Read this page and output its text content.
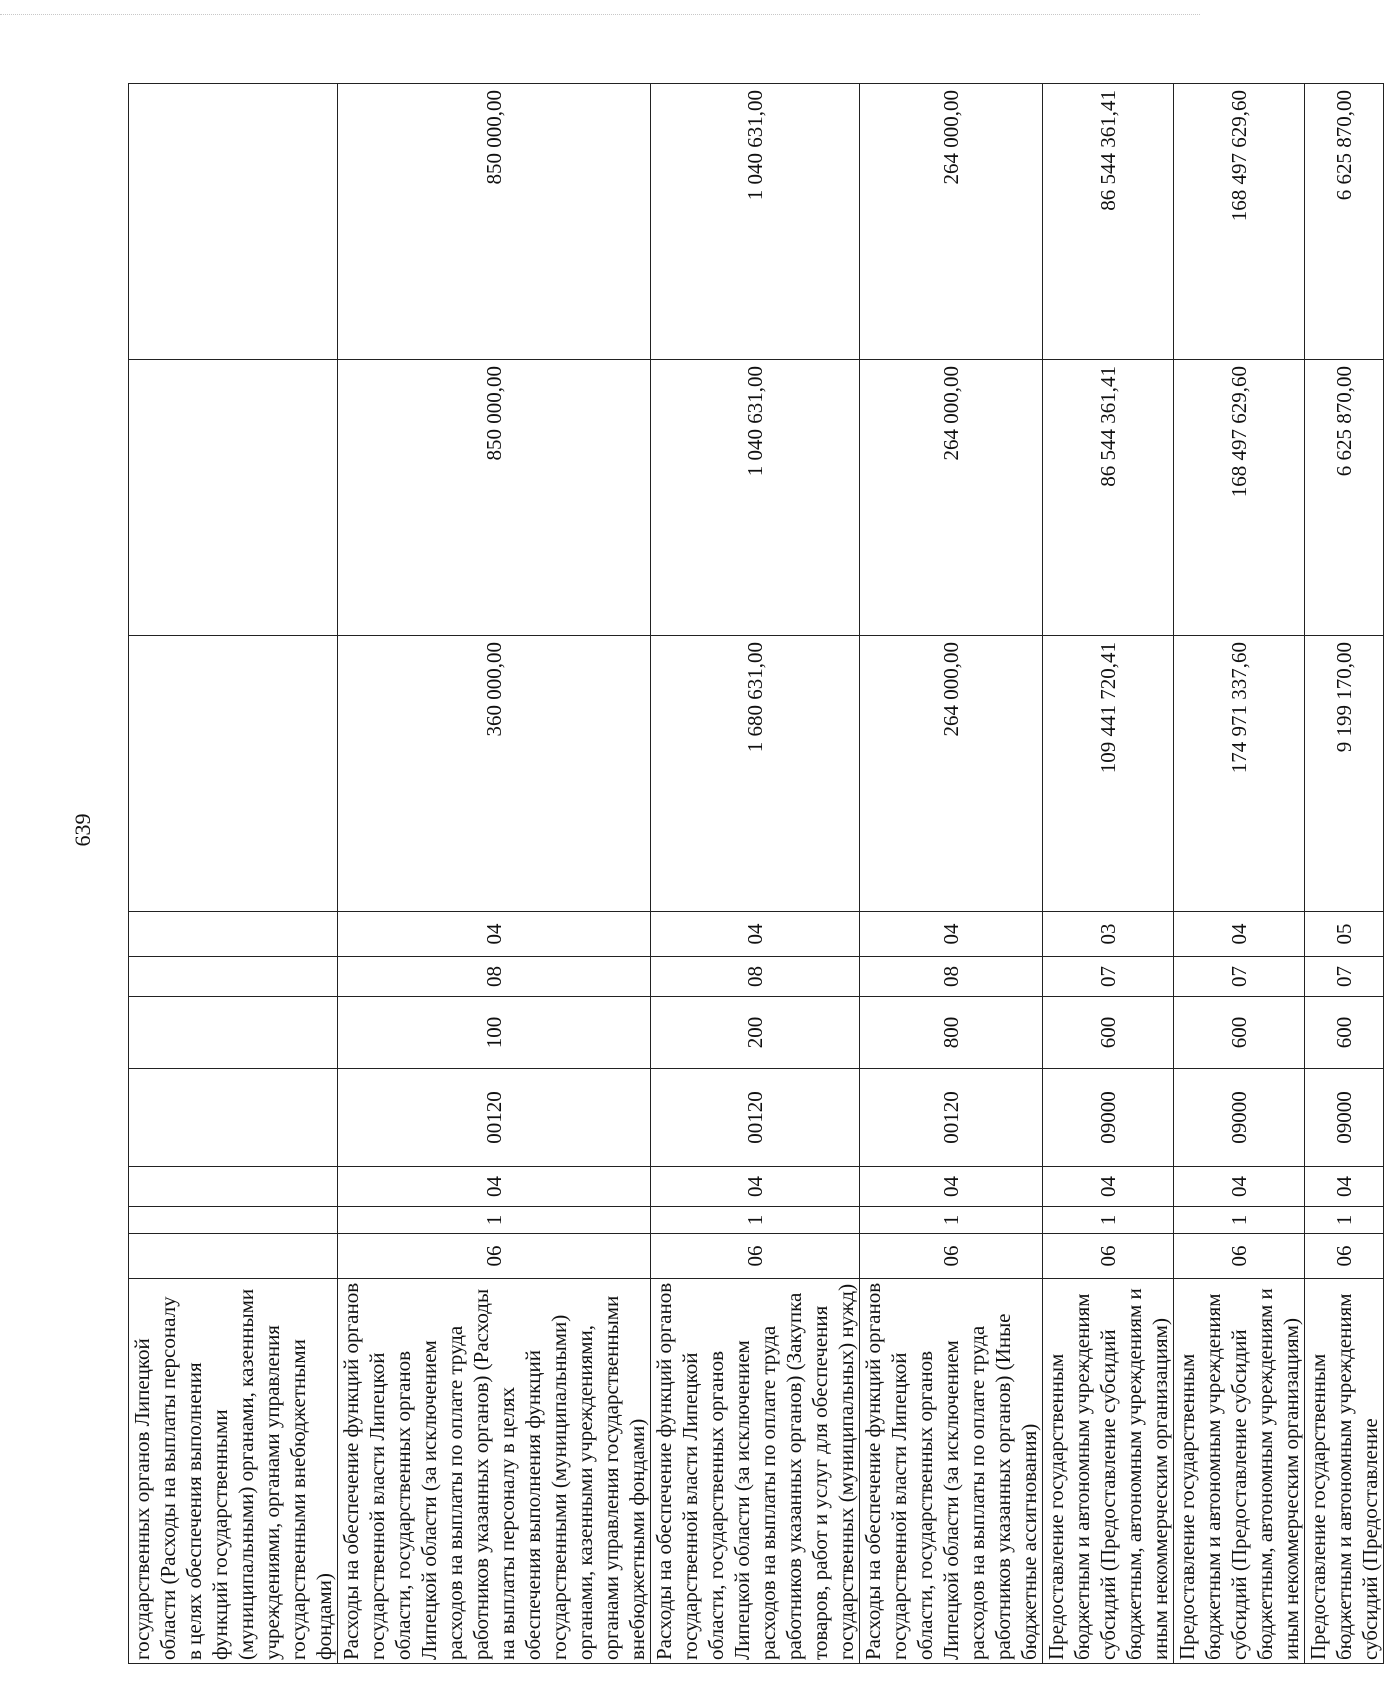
639
государственных органов Липецкой области (Расходы на выплаты персоналу в целях обеспечения выполнения функций государственными (муниципальными) органами, казенными учреждениями, органами управления государственными внебюджетными фондами)										
Расходы на обеспечение функций органов государственной власти Липецкой области, государственных органов Липецкой области (за исключением расходов на выплаты по оплате труда работников указанных органов) (Расходы на выплаты персоналу в целях обеспечения выполнения функций государственными (муниципальными) органами, казенными учреждениями, органами управления государственными внебюджетными фондами)	06	1	04	00120	100	08	04	360 000,00	850 000,00	850 000,00
Расходы на обеспечение функций органов государственной власти Липецкой области, государственных органов Липецкой области (за исключением расходов на выплаты по оплате труда работников указанных органов) (Закупка товаров, работ и услуг для обеспечения государственных (муниципальных) нужд)	06	1	04	00120	200	08	04	1 680 631,00	1 040 631,00	1 040 631,00
Расходы на обеспечение функций органов государственной власти Липецкой области, государственных органов Липецкой области (за исключением расходов на выплаты по оплате труда работников указанных органов) (Иные бюджетные ассигнования)	06	1	04	00120	800	08	04	264 000,00	264 000,00	264 000,00
Предоставление государственным бюджетным и автономным учреждениям субсидий (Предоставление субсидий бюджетным, автономным учреждениям и иным некоммерческим организациям)	06	1	04	09000	600	07	03	109 441 720,41	86 544 361,41	86 544 361,41
Предоставление государственным бюджетным и автономным учреждениям субсидий (Предоставление субсидий бюджетным, автономным учреждениям и иным некоммерческим организациям)	06	1	04	09000	600	07	04	174 971 337,60	168 497 629,60	168 497 629,60
Предоставление государственным бюджетным и автономным учреждениям субсидий (Предоставление	06	1	04	09000	600	07	05	9 199 170,00	6 625 870,00	6 625 870,00
